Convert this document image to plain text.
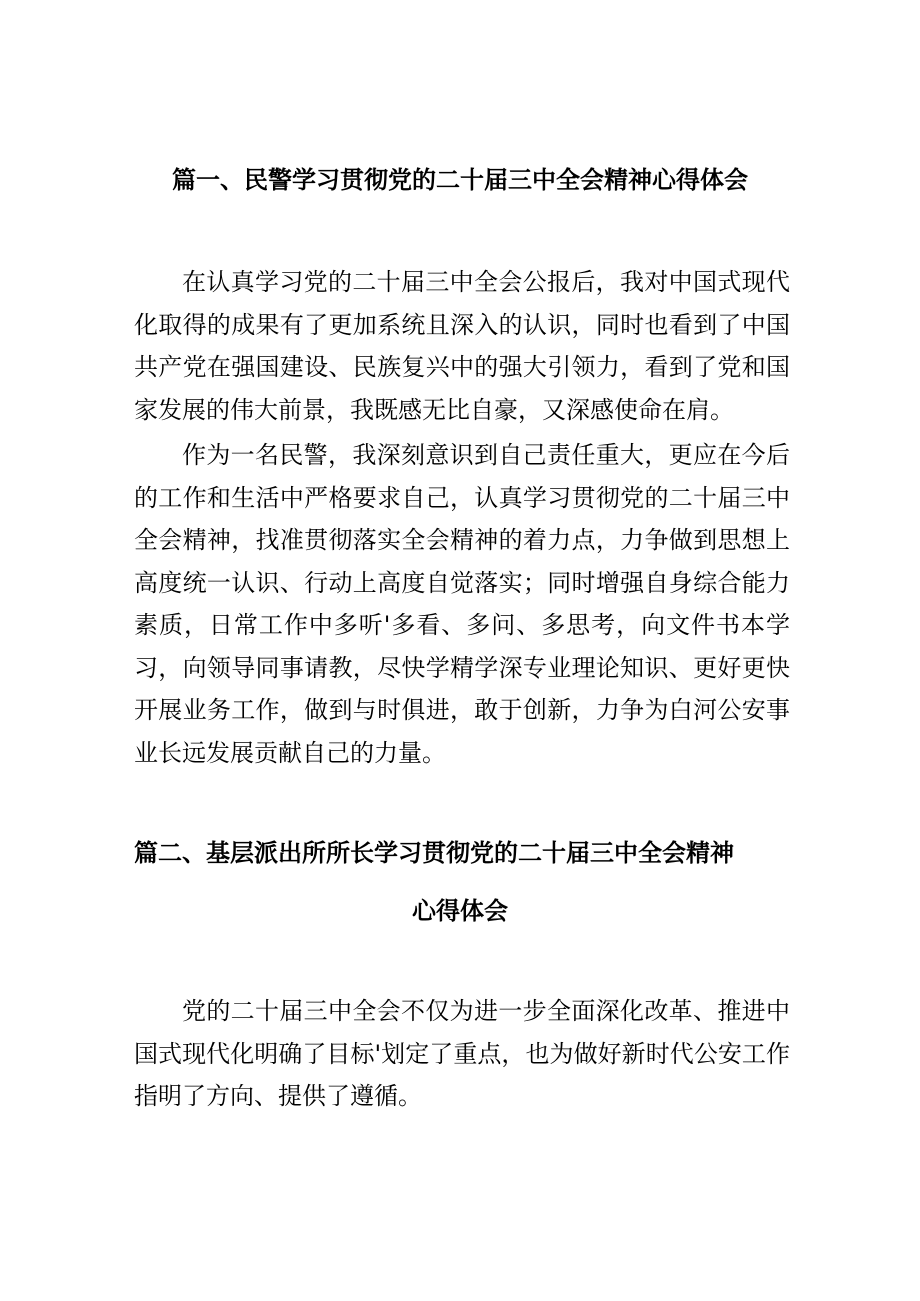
篇一、民警学习贯彻党的二十届三中全会精神心得体会

在认真学习党的二十届三中全会公报后，我对中国式现代化取得的成果有了更加系统且深入的认识，同时也看到了中国共产党在强国建设、民族复兴中的强大引领力，看到了党和国家发展的伟大前景，我既感无比自豪，又深感使命在肩。

作为一名民警，我深刻意识到自己责任重大，更应在今后的工作和生活中严格要求自己，认真学习贯彻党的二十届三中全会精神，找准贯彻落实全会精神的着力点，力争做到思想上高度统一认识、行动上高度自觉落实；同时增强自身综合能力素质，日常工作中多听'多看、多问、多思考，向文件书本学习，向领导同事请教，尽快学精学深专业理论知识、更好更快开展业务工作，做到与时俱进，敢于创新，力争为白河公安事业长远发展贡献自己的力量。

篇二、基层派出所所长学习贯彻党的二十届三中全会精神
心得体会

党的二十届三中全会不仅为进一步全面深化改革、推进中国式现代化明确了目标'划定了重点，也为做好新时代公安工作指明了方向、提供了遵循。
